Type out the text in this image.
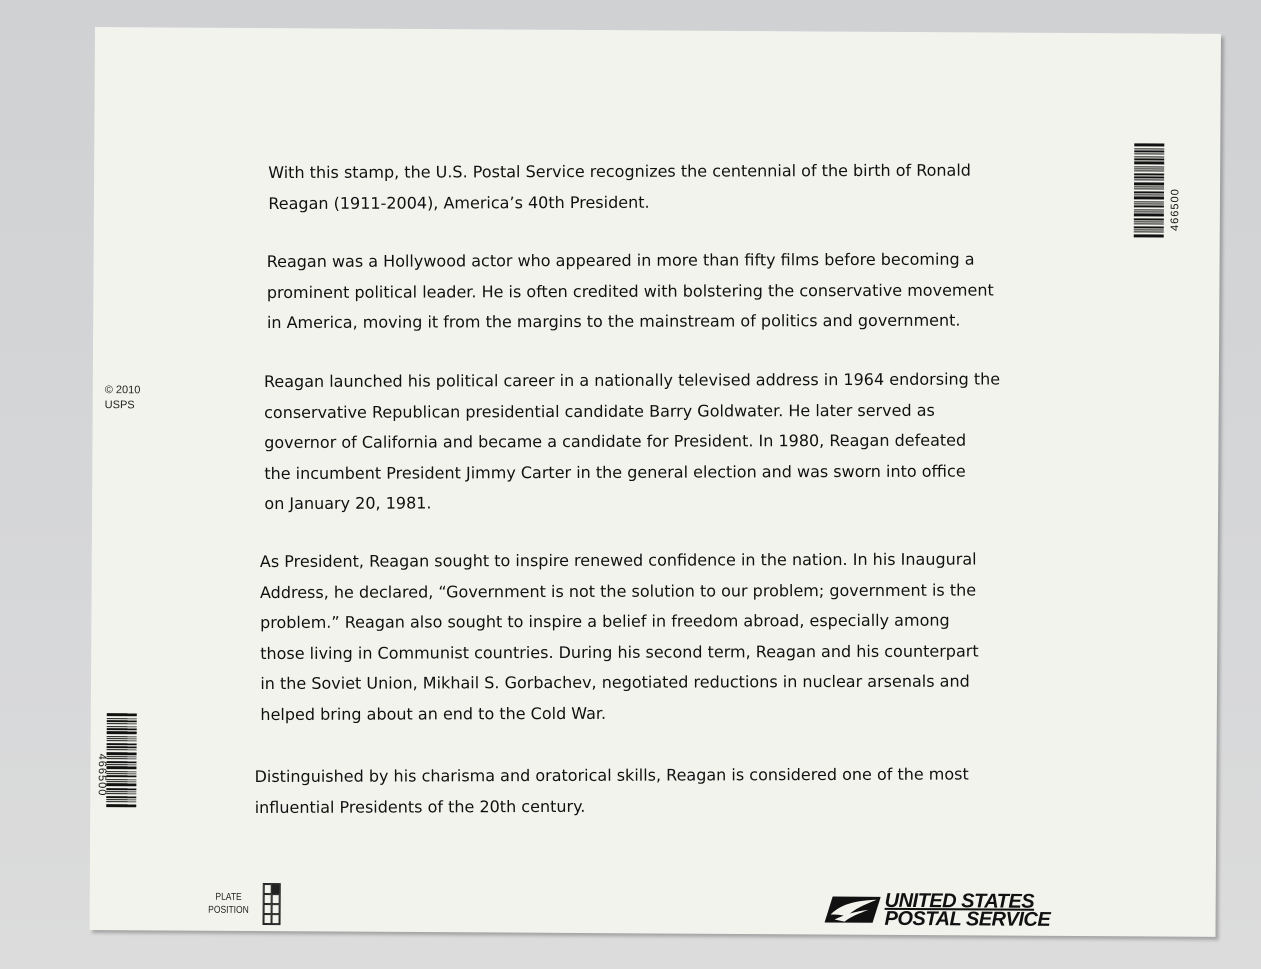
© 2010
USPS
With this stamp, the U.S. Postal Service recognizes the centennial of the birth of Ronald
Reagan (1911-2004), America’s 40th President.
Reagan was a Hollywood actor who appeared in more than fifty films before becoming a
prominent political leader. He is often credited with bolstering the conservative movement
in America, moving it from the margins to the mainstream of politics and government.
Reagan launched his political career in a nationally televised address in 1964 endorsing the
conservative Republican presidential candidate Barry Goldwater. He later served as
governor of California and became a candidate for President. In 1980, Reagan defeated
the incumbent President Jimmy Carter in the general election and was sworn into office
on January 20, 1981.
As President, Reagan sought to inspire renewed confidence in the nation. In his Inaugural
Address, he declared, “Government is not the solution to our problem; government is the
problem.” Reagan also sought to inspire a belief in freedom abroad, especially among
those living in Communist countries. During his second term, Reagan and his counterpart
in the Soviet Union, Mikhail S. Gorbachev, negotiated reductions in nuclear arsenals and
helped bring about an end to the Cold War.
Distinguished by his charisma and oratorical skills, Reagan is considered one of the most
influential Presidents of the 20th century.
466500
466500
PLATE
POSITION	UNITED STATES
POSTAL SERVICE
